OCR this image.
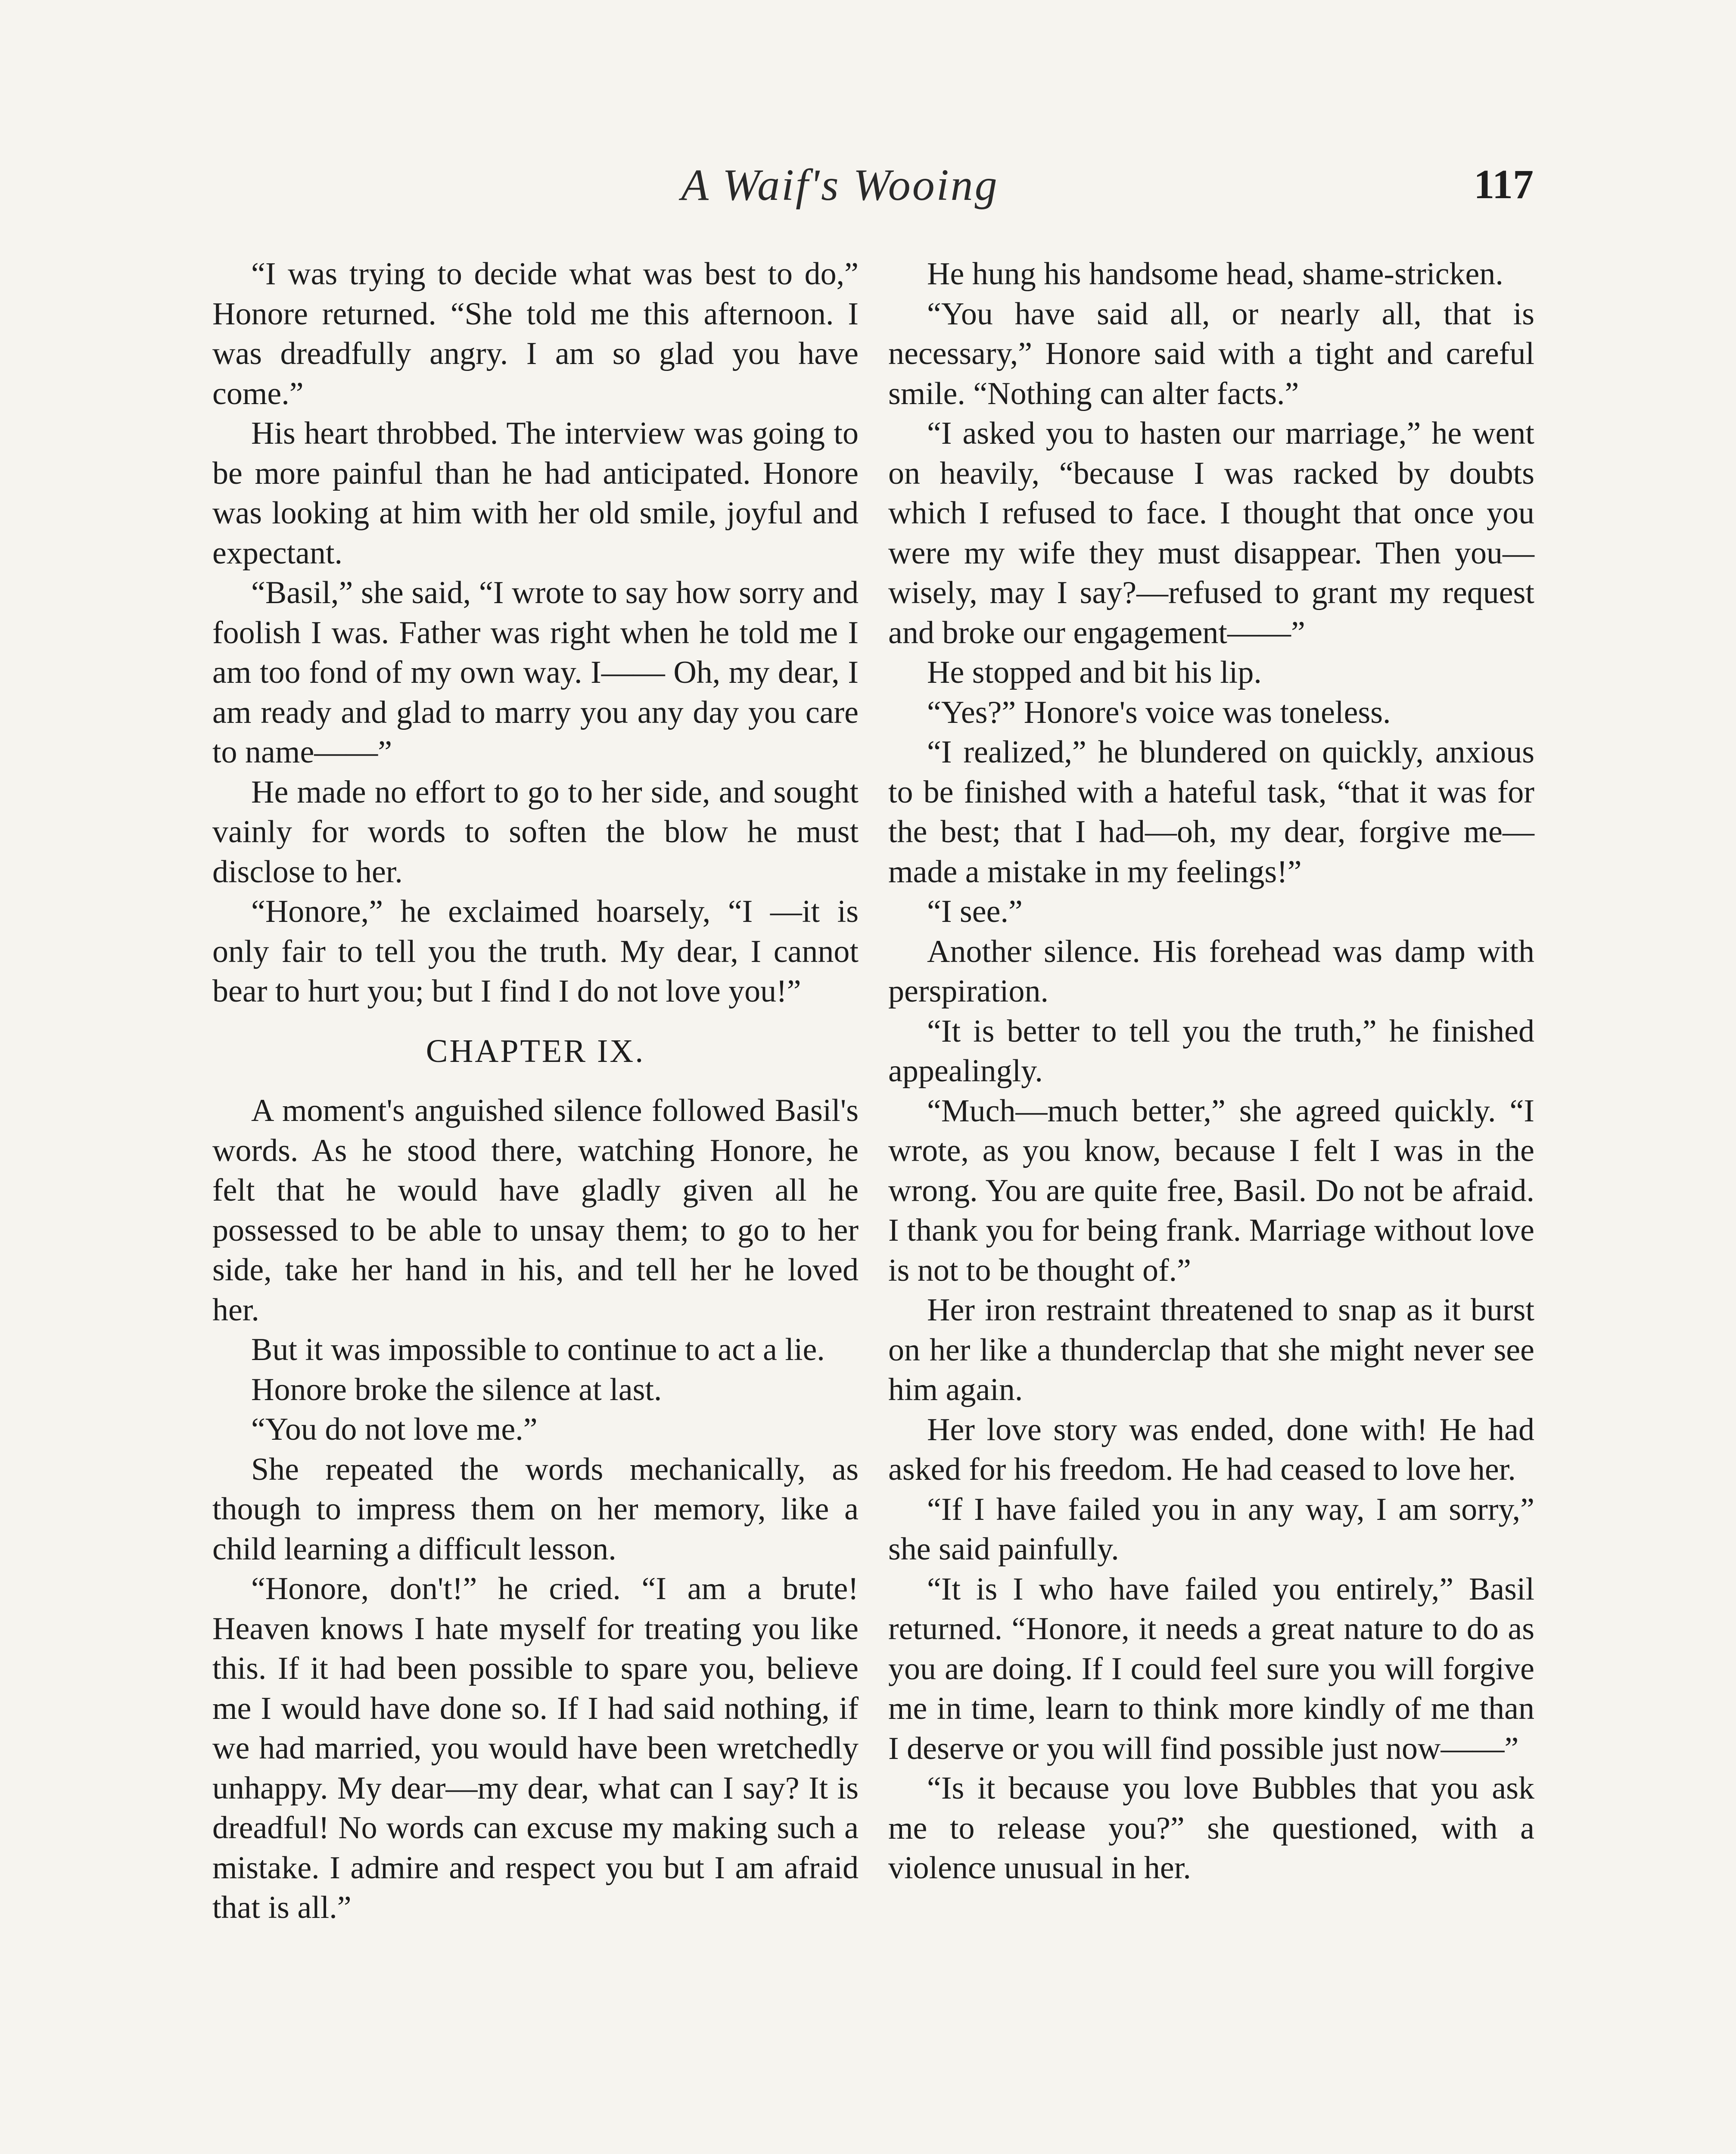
A Waif's Wooing	117

“I was trying to decide what was best to do,” Honore returned. “She told me this afternoon. I was dreadfully angry. I am so glad you have come.”

His heart throbbed. The interview was going to be more painful than he had anticipated. Honore was looking at him with her old smile, joyful and expectant.

“Basil,” she said, “I wrote to say how sorry and foolish I was. Father was right when he told me I am too fond of my own way. I—— Oh, my dear, I am ready and glad to marry you any day you care to name——”

He made no effort to go to her side, and sought vainly for words to soften the blow he must disclose to her.

“Honore,” he exclaimed hoarsely, “I —it is only fair to tell you the truth. My dear, I cannot bear to hurt you; but I find I do not love you!”

CHAPTER IX.

A moment's anguished silence followed Basil's words. As he stood there, watching Honore, he felt that he would have gladly given all he possessed to be able to unsay them; to go to her side, take her hand in his, and tell her he loved her.

But it was impossible to continue to act a lie.

Honore broke the silence at last.

“You do not love me.”

She repeated the words mechanically, as though to impress them on her memory, like a child learning a difficult lesson.

“Honore, don't!” he cried. “I am a brute! Heaven knows I hate myself for treating you like this. If it had been possible to spare you, believe me I would have done so. If I had said nothing, if we had married, you would have been wretchedly unhappy. My dear—my dear, what can I say? It is dreadful! No words can excuse my making such a mistake. I admire and respect you but I am afraid that is all.”

He hung his handsome head, shame-stricken.

“You have said all, or nearly all, that is necessary,” Honore said with a tight and careful smile. “Nothing can alter facts.”

“I asked you to hasten our marriage,” he went on heavily, “because I was racked by doubts which I refused to face. I thought that once you were my wife they must disappear. Then you—wisely, may I say?—refused to grant my request and broke our engagement——”

He stopped and bit his lip.

“Yes?” Honore's voice was toneless.

“I realized,” he blundered on quickly, anxious to be finished with a hateful task, “that it was for the best; that I had—oh, my dear, forgive me—made a mistake in my feelings!”

“I see.”

Another silence. His forehead was damp with perspiration.

“It is better to tell you the truth,” he finished appealingly.

“Much—much better,” she agreed quickly. “I wrote, as you know, because I felt I was in the wrong. You are quite free, Basil. Do not be afraid. I thank you for being frank. Marriage without love is not to be thought of.”

Her iron restraint threatened to snap as it burst on her like a thunderclap that she might never see him again.

Her love story was ended, done with! He had asked for his freedom. He had ceased to love her.

“If I have failed you in any way, I am sorry,” she said painfully.

“It is I who have failed you entirely,” Basil returned. “Honore, it needs a great nature to do as you are doing. If I could feel sure you will forgive me in time, learn to think more kindly of me than I deserve or you will find possible just now——”

“Is it because you love Bubbles that you ask me to release you?” she questioned, with a violence unusual in her.
